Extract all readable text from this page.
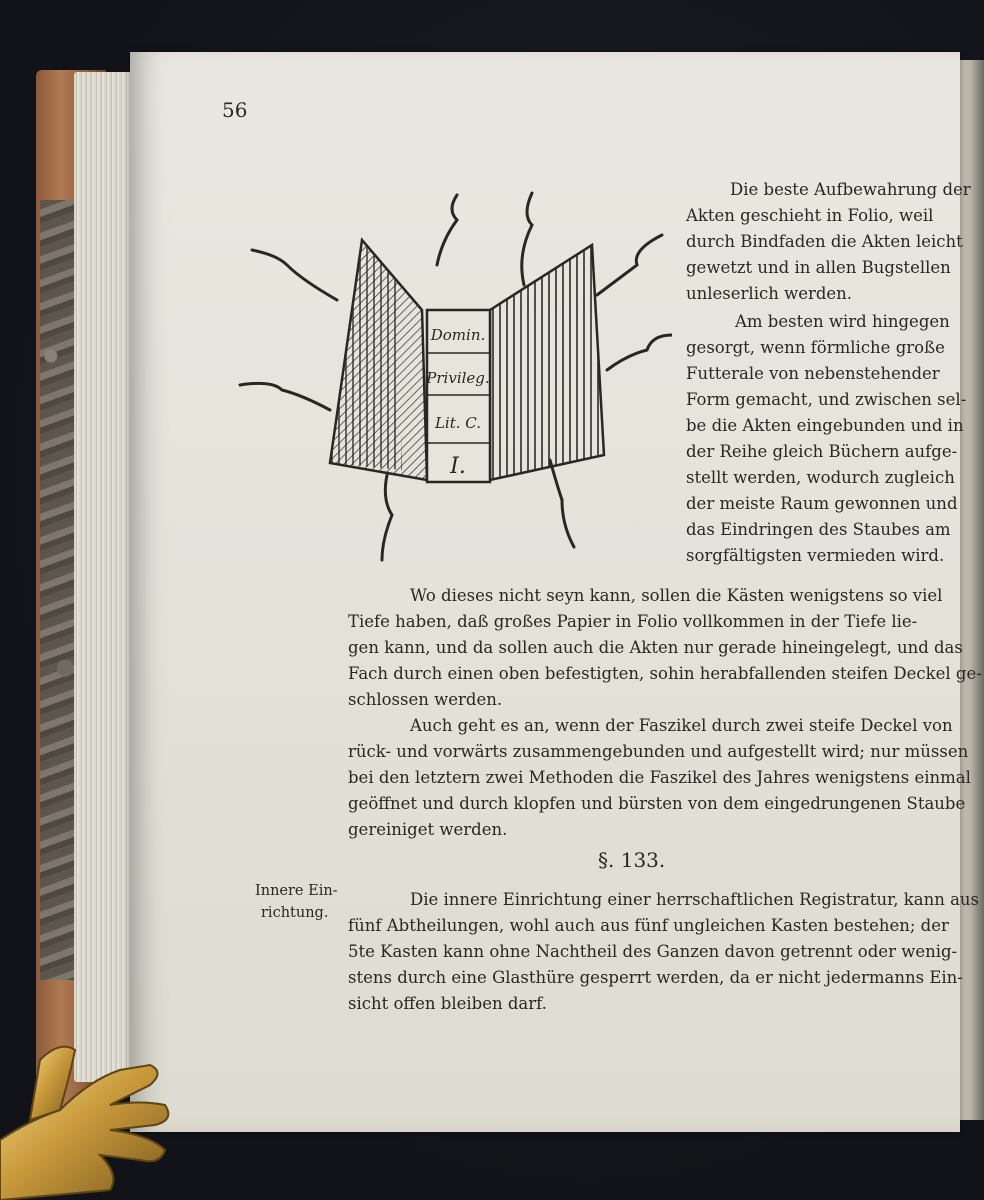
56
Domin.
Privileg.
Lit. C.
I.
Die beste Aufbewahrung der
Akten geschieht in Folio, weil
durch Bindfaden die Akten leicht
gewetzt und in allen Bugstellen
unleserlich werden.
Am besten wird hingegen
gesorgt, wenn förmliche große
Futterale von nebenstehender
Form gemacht, und zwischen sel-
be die Akten eingebunden und in
der Reihe gleich Büchern aufge-
stellt werden, wodurch zugleich
der meiste Raum gewonnen und
das Eindringen des Staubes am
sorgfältigsten vermieden wird.
Wo dieses nicht seyn kann, sollen die Kästen wenigstens so viel
Tiefe haben, daß großes Papier in Folio vollkommen in der Tiefe lie-
gen kann, und da sollen auch die Akten nur gerade hineingelegt, und das
Fach durch einen oben befestigten, sohin herabfallenden steifen Deckel ge-
schlossen werden.
Auch geht es an, wenn der Faszikel durch zwei steife Deckel von
rück- und vorwärts zusammengebunden und aufgestellt wird; nur müssen
bei den letztern zwei Methoden die Faszikel des Jahres wenigstens einmal
geöffnet und durch klopfen und bürsten von dem eingedrungenen Staube
gereiniget werden.
§. 133.
Innere Ein-
richtung.
Die innere Einrichtung einer herrschaftlichen Registratur, kann aus
fünf Abtheilungen, wohl auch aus fünf ungleichen Kasten bestehen; der
5te Kasten kann ohne Nachtheil des Ganzen davon getrennt oder wenig-
stens durch eine Glasthüre gesperrt werden, da er nicht jedermanns Ein-
sicht offen bleiben darf.
